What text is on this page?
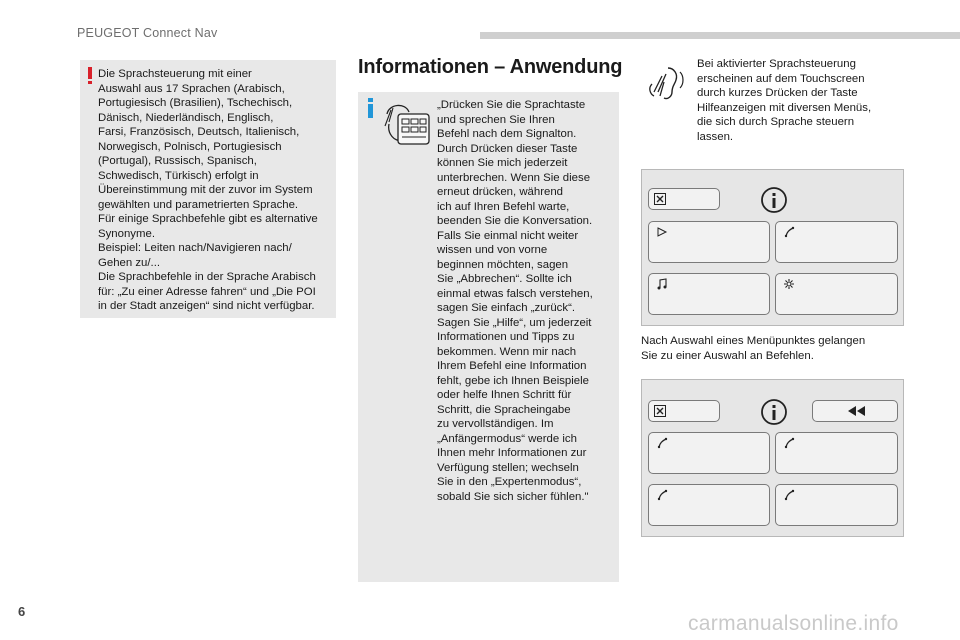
PEUGEOT Connect Nav
Die Sprachsteuerung mit einer
Auswahl aus 17 Sprachen (Arabisch,
Portugiesisch (Brasilien), Tschechisch,
Dänisch, Niederländisch, Englisch,
Farsi, Französisch, Deutsch, Italienisch,
Norwegisch, Polnisch, Portugiesisch
(Portugal), Russisch, Spanisch,
Schwedisch, Türkisch) erfolgt in
Übereinstimmung mit der zuvor im System
gewählten und parametrierten Sprache.
Für einige Sprachbefehle gibt es alternative
Synonyme.
Beispiel: Leiten nach/Navigieren nach/
Gehen zu/...
Die Sprachbefehle in der Sprache Arabisch
für: „Zu einer Adresse fahren“ und „Die POI
in der Stadt anzeigen“ sind nicht verfügbar.
Informationen – Anwendung
„Drücken Sie die Sprachtaste
und sprechen Sie Ihren
Befehl nach dem Signalton.
Durch Drücken dieser Taste
können Sie mich jederzeit
unterbrechen. Wenn Sie diese
erneut drücken, während
ich auf Ihren Befehl warte,
beenden Sie die Konversation.
Falls Sie einmal nicht weiter
wissen und von vorne
beginnen möchten, sagen
Sie „Abbrechen“. Sollte ich
einmal etwas falsch verstehen,
sagen Sie einfach „zurück“.
Sagen Sie „Hilfe“, um jederzeit
Informationen und Tipps zu
bekommen. Wenn mir nach
Ihrem Befehl eine Information
fehlt, gebe ich Ihnen Beispiele
oder helfe Ihnen Schritt für
Schritt, die Spracheingabe
zu vervollständigen. Im
„Anfängermodus“ werde ich
Ihnen mehr Informationen zur
Verfügung stellen; wechseln
Sie in den „Expertenmodus“,
sobald Sie sich sicher fühlen."
Bei aktivierter Sprachsteuerung
erscheinen auf dem Touchscreen
durch kurzes Drücken der Taste
Hilfeanzeigen mit diversen Menüs,
die sich durch Sprache steuern
lassen.
Nach Auswahl eines Menüpunktes gelangen
Sie zu einer Auswahl an Befehlen.
6
carmanualsonline.info
